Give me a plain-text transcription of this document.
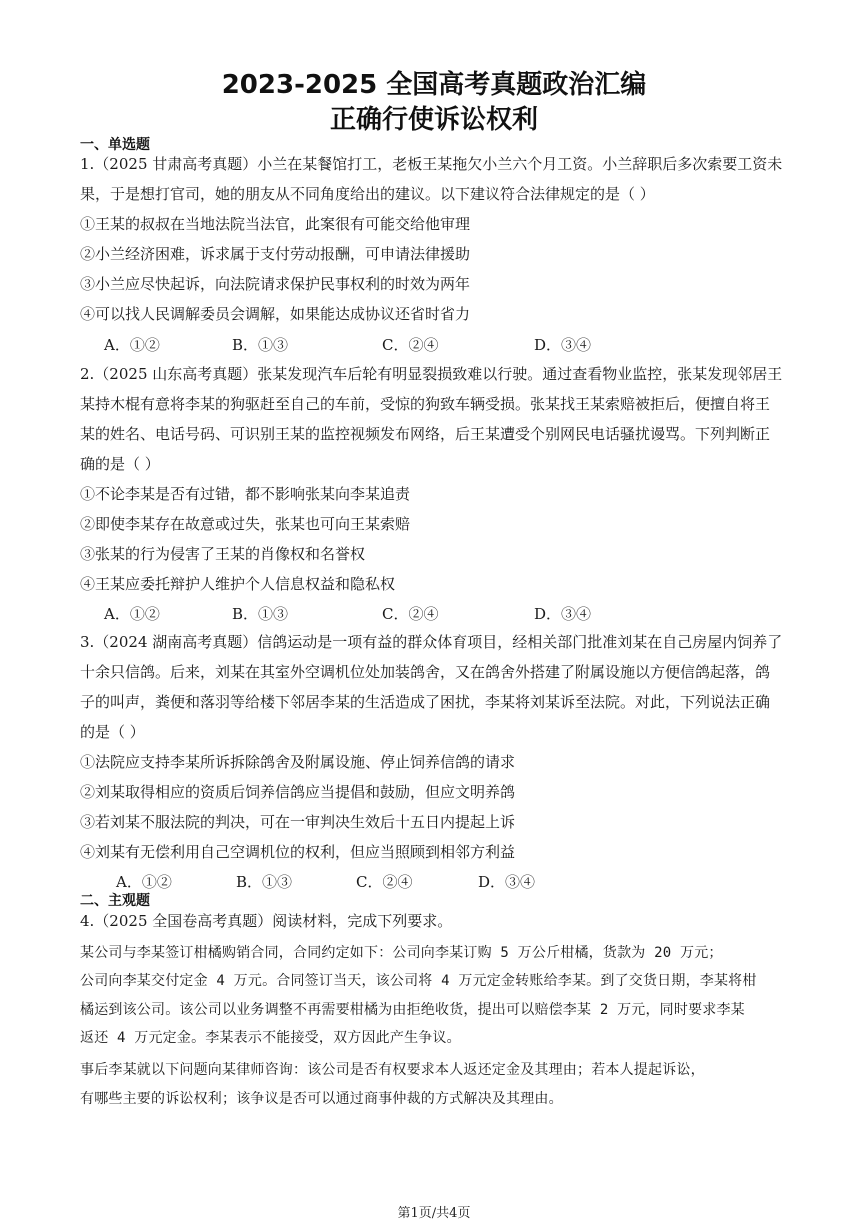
2023-2025 全国高考真题政治汇编
正确行使诉讼权利
一、单选题
1.（2025 甘肃高考真题）小兰在某餐馆打工，老板王某拖欠小兰六个月工资。小兰辞职后多次索要工资未
果，于是想打官司，她的朋友从不同角度给出的建议。以下建议符合法律规定的是（ ）
①王某的叔叔在当地法院当法官，此案很有可能交给他审理
②小兰经济困难，诉求属于支付劳动报酬，可申请法律援助
③小兰应尽快起诉，向法院请求保护民事权利的时效为两年
④可以找人民调解委员会调解，如果能达成协议还省时省力
A．①②	B．①③	C．②④	D．③④
2.（2025 山东高考真题）张某发现汽车后轮有明显裂损致难以行驶。通过查看物业监控，张某发现邻居王
某持木棍有意将李某的狗驱赶至自己的车前，受惊的狗致车辆受损。张某找王某索赔被拒后，便擅自将王
某的姓名、电话号码、可识别王某的监控视频发布网络，后王某遭受个别网民电话骚扰谩骂。下列判断正
确的是（ ）
①不论李某是否有过错，都不影响张某向李某追责
②即使李某存在故意或过失，张某也可向王某索赔
③张某的行为侵害了王某的肖像权和名誉权
④王某应委托辩护人维护个人信息权益和隐私权
A．①②	B．①③	C．②④	D．③④
3.（2024 湖南高考真题）信鸽运动是一项有益的群众体育项目，经相关部门批准刘某在自己房屋内饲养了
十余只信鸽。后来，刘某在其室外空调机位处加装鸽舍，又在鸽舍外搭建了附属设施以方便信鸽起落，鸽
子的叫声，粪便和落羽等给楼下邻居李某的生活造成了困扰，李某将刘某诉至法院。对此，下列说法正确
的是（ ）
①法院应支持李某所诉拆除鸽舍及附属设施、停止饲养信鸽的请求
②刘某取得相应的资质后饲养信鸽应当提倡和鼓励，但应文明养鸽
③若刘某不服法院的判决，可在一审判决生效后十五日内提起上诉
④刘某有无偿利用自己空调机位的权利，但应当照顾到相邻方利益
A．①②	B．①③	C．②④	D．③④
二、主观题
4.（2025 全国卷高考真题）阅读材料，完成下列要求。
某公司与李某签订柑橘购销合同，合同约定如下：公司向李某订购 5 万公斤柑橘，货款为 20 万元；
公司向李某交付定金 4 万元。合同签订当天，该公司将 4 万元定金转账给李某。到了交货日期，李某将柑
橘运到该公司。该公司以业务调整不再需要柑橘为由拒绝收货，提出可以赔偿李某 2 万元，同时要求李某
返还 4 万元定金。李某表示不能接受，双方因此产生争议。
事后李某就以下问题向某律师咨询：该公司是否有权要求本人返还定金及其理由；若本人提起诉讼，
有哪些主要的诉讼权利；该争议是否可以通过商事仲裁的方式解决及其理由。
第1页/共4页
